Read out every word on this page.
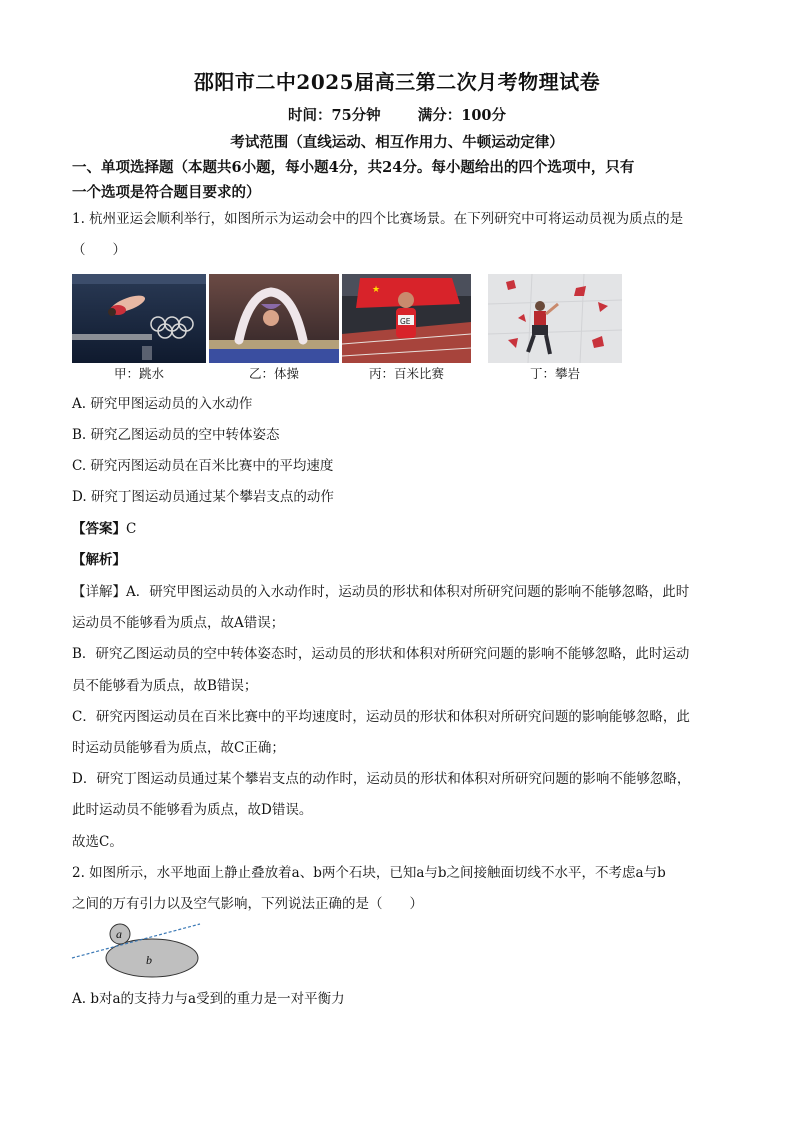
邵阳市二中2025届高三第二次月考物理试卷
时间：75分钟	满分：100分
考试范围（直线运动、相互作用力、牛顿运动定律）
一、单项选择题（本题共6小题，每小题4分，共24分。每小题给出的四个选项中，只有
一个选项是符合题目要求的）
1. 杭州亚运会顺利举行，如图所示为运动会中的四个比赛场景。在下列研究中可将运动员视为质点的是
（　　）
★
GE
甲：跳水	乙：体操	丙：百米比赛	丁：攀岩
A. 研究甲图运动员的入水动作
B. 研究乙图运动员的空中转体姿态
C. 研究丙图运动员在百米比赛中的平均速度
D. 研究丁图运动员通过某个攀岩支点的动作
【答案】C
【解析】
【详解】A．研究甲图运动员的入水动作时，运动员的形状和体积对所研究问题的影响不能够忽略，此时
运动员不能够看为质点，故A错误；
B．研究乙图运动员的空中转体姿态时，运动员的形状和体积对所研究问题的影响不能够忽略，此时运动
员不能够看为质点，故B错误；
C．研究丙图运动员在百米比赛中的平均速度时，运动员的形状和体积对所研究问题的影响能够忽略，此
时运动员能够看为质点，故C正确；
D．研究丁图运动员通过某个攀岩支点的动作时，运动员的形状和体积对所研究问题的影响不能够忽略，
此时运动员不能够看为质点，故D错误。
故选C。
2. 如图所示，水平地面上静止叠放着a、b两个石块，已知a与b之间接触面切线不水平，不考虑a与b
之间的万有引力以及空气影响，下列说法正确的是（　　）
a
b
A. b对a的支持力与a受到的重力是一对平衡力
